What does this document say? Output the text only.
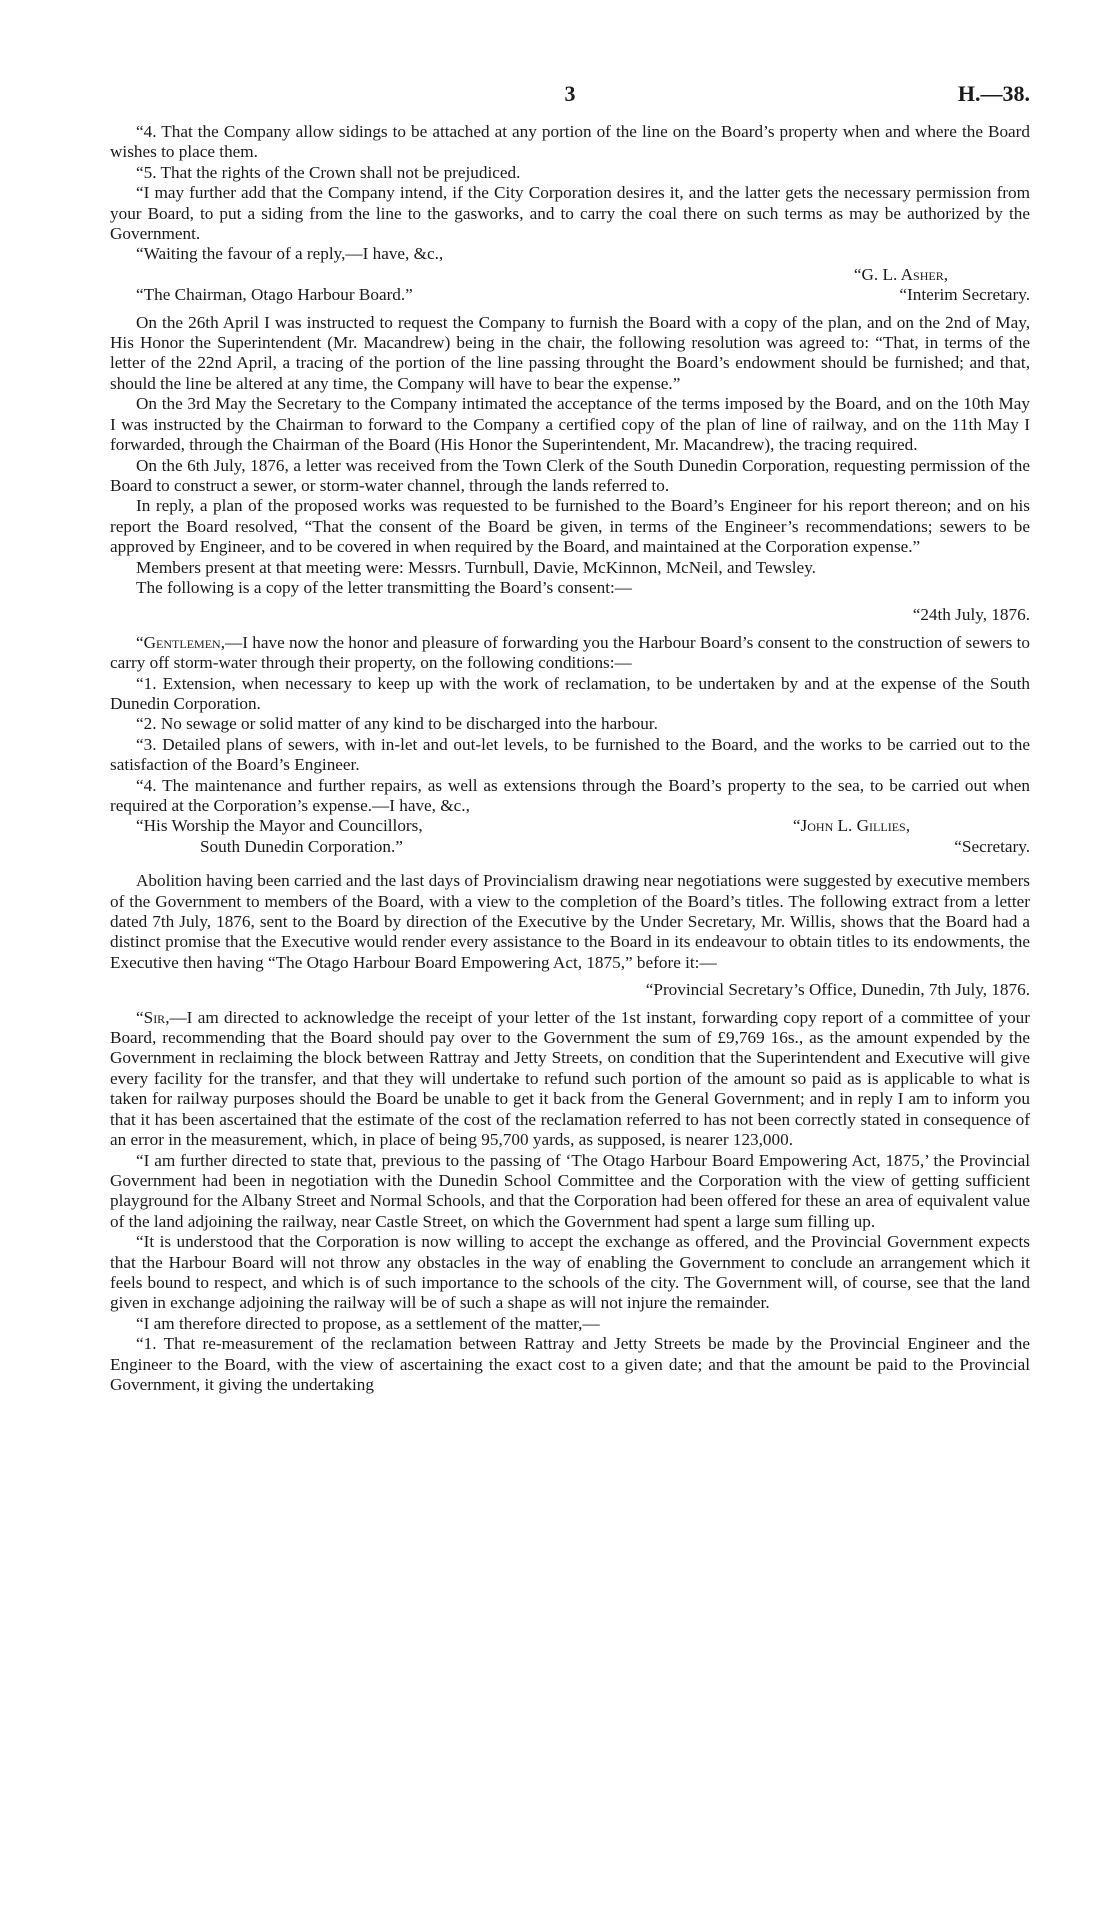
3	H.—38.

“4. That the Company allow sidings to be attached at any portion of the line on the Board’s property when and where the Board wishes to place them.

“5. That the rights of the Crown shall not be prejudiced.

“I may further add that the Company intend, if the City Corporation desires it, and the latter gets the necessary permission from your Board, to put a siding from the line to the gasworks, and to carry the coal there on such terms as may be authorized by the Government.

“Waiting the favour of a reply,—I have, &c.,

“G. L. Asher,
“The Chairman, Otago Harbour Board.”	“Interim Secretary.

On the 26th April I was instructed to request the Company to furnish the Board with a copy of the plan, and on the 2nd of May, His Honor the Superintendent (Mr. Macandrew) being in the chair, the following resolution was agreed to: “That, in terms of the letter of the 22nd April, a tracing of the portion of the line passing throught the Board’s endowment should be furnished; and that, should the line be altered at any time, the Company will have to bear the expense.”

On the 3rd May the Secretary to the Company intimated the acceptance of the terms imposed by the Board, and on the 10th May I was instructed by the Chairman to forward to the Company a certified copy of the plan of line of railway, and on the 11th May I forwarded, through the Chairman of the Board (His Honor the Superintendent, Mr. Macandrew), the tracing required.

On the 6th July, 1876, a letter was received from the Town Clerk of the South Dunedin Corporation, requesting permission of the Board to construct a sewer, or storm-water channel, through the lands referred to.

In reply, a plan of the proposed works was requested to be furnished to the Board’s Engineer for his report thereon; and on his report the Board resolved, “That the consent of the Board be given, in terms of the Engineer’s recommendations; sewers to be approved by Engineer, and to be covered in when required by the Board, and maintained at the Corporation expense.”

Members present at that meeting were: Messrs. Turnbull, Davie, McKinnon, McNeil, and Tewsley.

The following is a copy of the letter transmitting the Board’s consent:—

“24th July, 1876.

“Gentlemen,—I have now the honor and pleasure of forwarding you the Harbour Board’s consent to the construction of sewers to carry off storm-water through their property, on the following conditions:—

“1. Extension, when necessary to keep up with the work of reclamation, to be undertaken by and at the expense of the South Dunedin Corporation.

“2. No sewage or solid matter of any kind to be discharged into the harbour.

“3. Detailed plans of sewers, with in-let and out-let levels, to be furnished to the Board, and the works to be carried out to the satisfaction of the Board’s Engineer.

“4. The maintenance and further repairs, as well as extensions through the Board’s property to the sea, to be carried out when required at the Corporation’s expense.—I have, &c.,

“His Worship the Mayor and Councillors,	“John L. Gillies,
South Dunedin Corporation.”	“Secretary.

Abolition having been carried and the last days of Provincialism drawing near negotiations were suggested by executive members of the Government to members of the Board, with a view to the completion of the Board’s titles. The following extract from a letter dated 7th July, 1876, sent to the Board by direction of the Executive by the Under Secretary, Mr. Willis, shows that the Board had a distinct promise that the Executive would render every assistance to the Board in its endeavour to obtain titles to its endowments, the Executive then having “The Otago Harbour Board Empowering Act, 1875,” before it:—

“Provincial Secretary’s Office, Dunedin, 7th July, 1876.

“Sir,—I am directed to acknowledge the receipt of your letter of the 1st instant, forwarding copy report of a committee of your Board, recommending that the Board should pay over to the Government the sum of £9,769 16s., as the amount expended by the Government in reclaiming the block between Rattray and Jetty Streets, on condition that the Superintendent and Executive will give every facility for the transfer, and that they will undertake to refund such portion of the amount so paid as is applicable to what is taken for railway purposes should the Board be unable to get it back from the General Government; and in reply I am to inform you that it has been ascertained that the estimate of the cost of the reclamation referred to has not been correctly stated in consequence of an error in the measurement, which, in place of being 95,700 yards, as supposed, is nearer 123,000.

“I am further directed to state that, previous to the passing of ‘The Otago Harbour Board Empowering Act, 1875,’ the Provincial Government had been in negotiation with the Dunedin School Committee and the Corporation with the view of getting sufficient playground for the Albany Street and Normal Schools, and that the Corporation had been offered for these an area of equivalent value of the land adjoining the railway, near Castle Street, on which the Government had spent a large sum filling up.

“It is understood that the Corporation is now willing to accept the exchange as offered, and the Provincial Government expects that the Harbour Board will not throw any obstacles in the way of enabling the Government to conclude an arrangement which it feels bound to respect, and which is of such importance to the schools of the city. The Government will, of course, see that the land given in exchange adjoining the railway will be of such a shape as will not injure the remainder.

“I am therefore directed to propose, as a settlement of the matter,—

“1. That re-measurement of the reclamation between Rattray and Jetty Streets be made by the Provincial Engineer and the Engineer to the Board, with the view of ascertaining the exact cost to a given date; and that the amount be paid to the Provincial Government, it giving the undertaking
